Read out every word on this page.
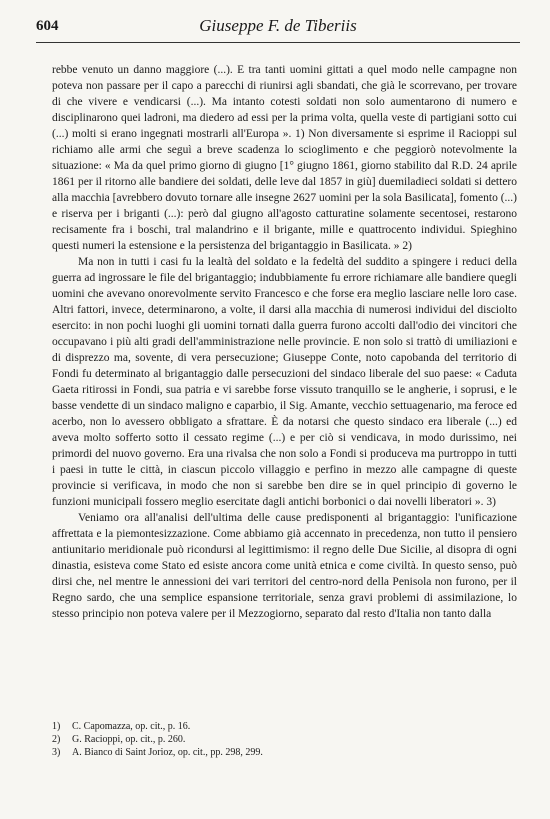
604	Giuseppe F. de Tiberiis

rebbe venuto un danno maggiore (...). E tra tanti uomini gittati a quel modo nelle campagne non poteva non passare per il capo a parecchi di riunirsi agli sbandati, che già le scorrevano, per trovare di che vivere e vendicarsi (...). Ma intanto cotesti soldati non solo aumentarono di numero e disciplinarono quei ladroni, ma diedero ad essi per la prima volta, quella veste di partigiani sotto cui (...) molti si erano ingegnati mostrarli all'Europa ». 1) Non diversamente si esprime il Racioppi sul richiamo alle armi che seguì a breve scadenza lo scioglimento e che peggiorò notevolmente la situazione: « Ma da quel primo giorno di giugno [1° giugno 1861, giorno stabilito dal R.D. 24 aprile 1861 per il ritorno alle bandiere dei soldati, delle leve dal 1857 in giù] duemiladieci soldati si dettero alla macchia [avrebbero dovuto tornare alle insegne 2627 uomini per la sola Basilicata], fomento (...) e riserva per i briganti (...): però dal giugno all'agosto catturatine solamente secentosei, restarono recisamente fra i boschi, tral malandrino e il brigante, mille e quattrocento individui. Spieghino questi numeri la estensione e la persistenza del brigantaggio in Basilicata. » 2)

Ma non in tutti i casi fu la lealtà del soldato e la fedeltà del suddito a spingere i reduci della guerra ad ingrossare le file del brigantaggio; indubbiamente fu errore richiamare alle bandiere quegli uomini che avevano onorevolmente servito Francesco e che forse era meglio lasciare nelle loro case. Altri fattori, invece, determinarono, a volte, il darsi alla macchia di numerosi individui del disciolto esercito: in non pochi luoghi gli uomini tornati dalla guerra furono accolti dall'odio dei vincitori che occupavano i più alti gradi dell'amministrazione nelle provincie. E non solo si trattò di umiliazioni e di disprezzo ma, sovente, di vera persecuzione; Giuseppe Conte, noto capobanda del territorio di Fondi fu determinato al brigantaggio dalle persecuzioni del sindaco liberale del suo paese: « Caduta Gaeta ritirossi in Fondi, sua patria e vi sarebbe forse vissuto tranquillo se le angherie, i soprusi, e le basse vendette di un sindaco maligno e caparbio, il Sig. Amante, vecchio settuagenario, ma feroce ed acerbo, non lo avessero obbligato a sfrattare. È da notarsi che questo sindaco era liberale (...) ed aveva molto sofferto sotto il cessato regime (...) e per ciò si vendicava, in modo durissimo, nei primordi del nuovo governo. Era una rivalsa che non solo a Fondi si produceva ma purtroppo in tutti i paesi in tutte le città, in ciascun piccolo villaggio e perfino in mezzo alle campagne di queste provincie si verificava, in modo che non si sarebbe ben dire se in quel principio di governo le funzioni municipali fossero meglio esercitate dagli antichi borbonici o dai novelli liberatori ». 3)

Veniamo ora all'analisi dell'ultima delle cause predisponenti al brigantaggio: l'unificazione affrettata e la piemontesizzazione. Come abbiamo già accennato in precedenza, non tutto il pensiero antiunitario meridionale può ricondursi al legittimismo: il regno delle Due Sicilie, al disopra di ogni dinastia, esisteva come Stato ed esiste ancora come unità etnica e come civiltà. In questo senso, può dirsi che, nel mentre le annessioni dei vari territori del centro-nord della Penisola non furono, per il Regno sardo, che una semplice espansione territoriale, senza gravi problemi di assimilazione, lo stesso principio non poteva valere per il Mezzogiorno, separato dal resto d'Italia non tanto dalla

1)	C. Capomazza, op. cit., p. 16.
2)	G. Racioppi, op. cit., p. 260.
3)	A. Bianco di Saint Jorioz, op. cit., pp. 298, 299.
